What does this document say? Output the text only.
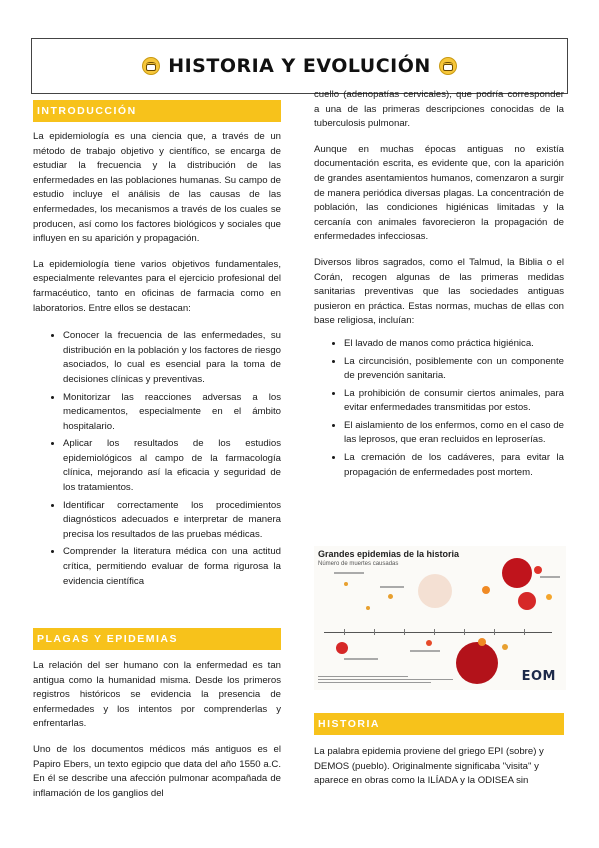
HISTORIA Y EVOLUCIÓN
INTRODUCCIÓN

La epidemiología es una ciencia que, a través de un método de trabajo objetivo y científico, se encarga de estudiar la frecuencia y la distribución de las enfermedades en las poblaciones humanas. Su campo de estudio incluye el análisis de las causas de las enfermedades, los mecanismos a través de los cuales se producen, así como los factores biológicos y sociales que influyen en su aparición y propagación.

La epidemiología tiene varios objetivos fundamentales, especialmente relevantes para el ejercicio profesional del farmacéutico, tanto en oficinas de farmacia como en laboratorios. Entre ellos se destacan:

• Conocer la frecuencia de las enfermedades, su distribución en la población y los factores de riesgo asociados, lo cual es esencial para la toma de decisiones clínicas y preventivas.
• Monitorizar las reacciones adversas a los medicamentos, especialmente en el ámbito hospitalario.
• Aplicar los resultados de los estudios epidemiológicos al campo de la farmacología clínica, mejorando así la eficacia y seguridad de los tratamientos.
• Identificar correctamente los procedimientos diagnósticos adecuados e interpretar de manera precisa los resultados de las pruebas médicas.
• Comprender la literatura médica con una actitud crítica, permitiendo evaluar de forma rigurosa la evidencia científica
PLAGAS Y EPIDEMIAS

La relación del ser humano con la enfermedad es tan antigua como la humanidad misma. Desde los primeros registros históricos se evidencia la presencia de enfermedades y los intentos por comprenderlas y enfrentarlas.

Uno de los documentos médicos más antiguos es el Papiro Ebers, un texto egipcio que data del año 1550 a.C. En él se describe una afección pulmonar acompañada de inflamación de los ganglios del

cuello (adenopatías cervicales), que podría corresponder a una de las primeras descripciones conocidas de la tuberculosis pulmonar.

Aunque en muchas épocas antiguas no existía documentación escrita, es evidente que, con la aparición de grandes asentamientos humanos, comenzaron a surgir de manera periódica diversas plagas. La concentración de población, las condiciones higiénicas limitadas y la cercanía con animales favorecieron la propagación de enfermedades infecciosas.

Diversos libros sagrados, como el Talmud, la Biblia o el Corán, recogen algunas de las primeras medidas sanitarias preventivas que las sociedades antiguas pusieron en práctica. Estas normas, muchas de ellas con base religiosa, incluían:

• El lavado de manos como práctica higiénica.
• La circuncisión, posiblemente con un componente de prevención sanitaria.
• La prohibición de consumir ciertos animales, para evitar enfermedades transmitidas por estos.
• El aislamiento de los enfermos, como en el caso de las leprosos, que eran recluidos en leproserías.
• La cremación de los cadáveres, para evitar la propagación de enfermedades post mortem.
Grandes epidemias de la historia
Número de muertes causadas
EOM
HISTORIA

La palabra epidemia proviene del griego EPI (sobre) y DEMOS (pueblo). Originalmente significaba "visita" y aparece en obras como la ILÍADA y la ODISEA sin
